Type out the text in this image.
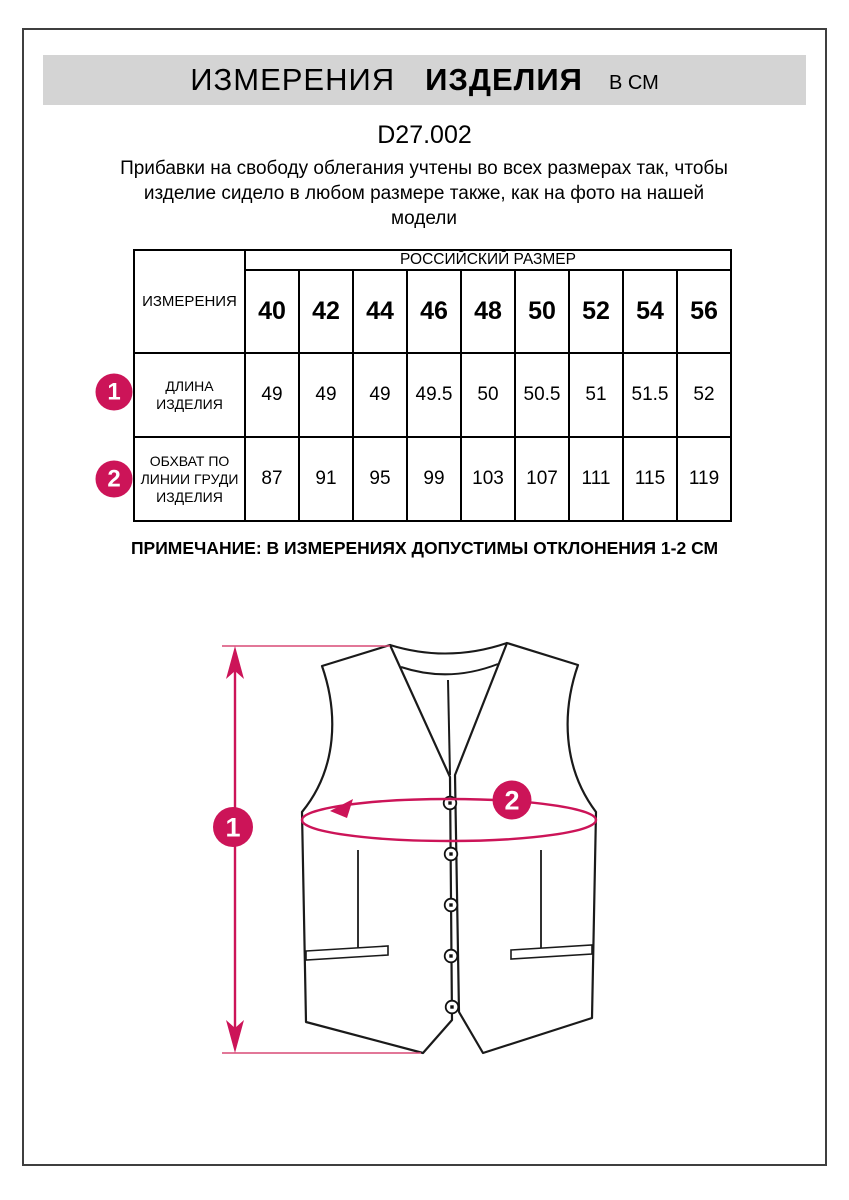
ИЗМЕРЕНИЯ ИЗДЕЛИЯ В СМ
D27.002

Прибавки на свободу облегания учтены во всех размерах так, чтобы изделие сидело в любом размере также, как на фото на нашей модели

ИЗМЕРЕНИЯ	РОССИЙСКИЙ РАЗМЕР								
	40	42	44	46	48	50	52	54	56
ДЛИНА ИЗДЕЛИЯ	49	49	49	49.5	50	50.5	51	51.5	52
ОБХВАТ ПО ЛИНИИ ГРУДИ ИЗДЕЛИЯ	87	91	95	99	103	107	111	115	119
1
2
ПРИМЕЧАНИЕ: В ИЗМЕРЕНИЯХ ДОПУСТИМЫ ОТКЛОНЕНИЯ 1-2 СМ
1
2
